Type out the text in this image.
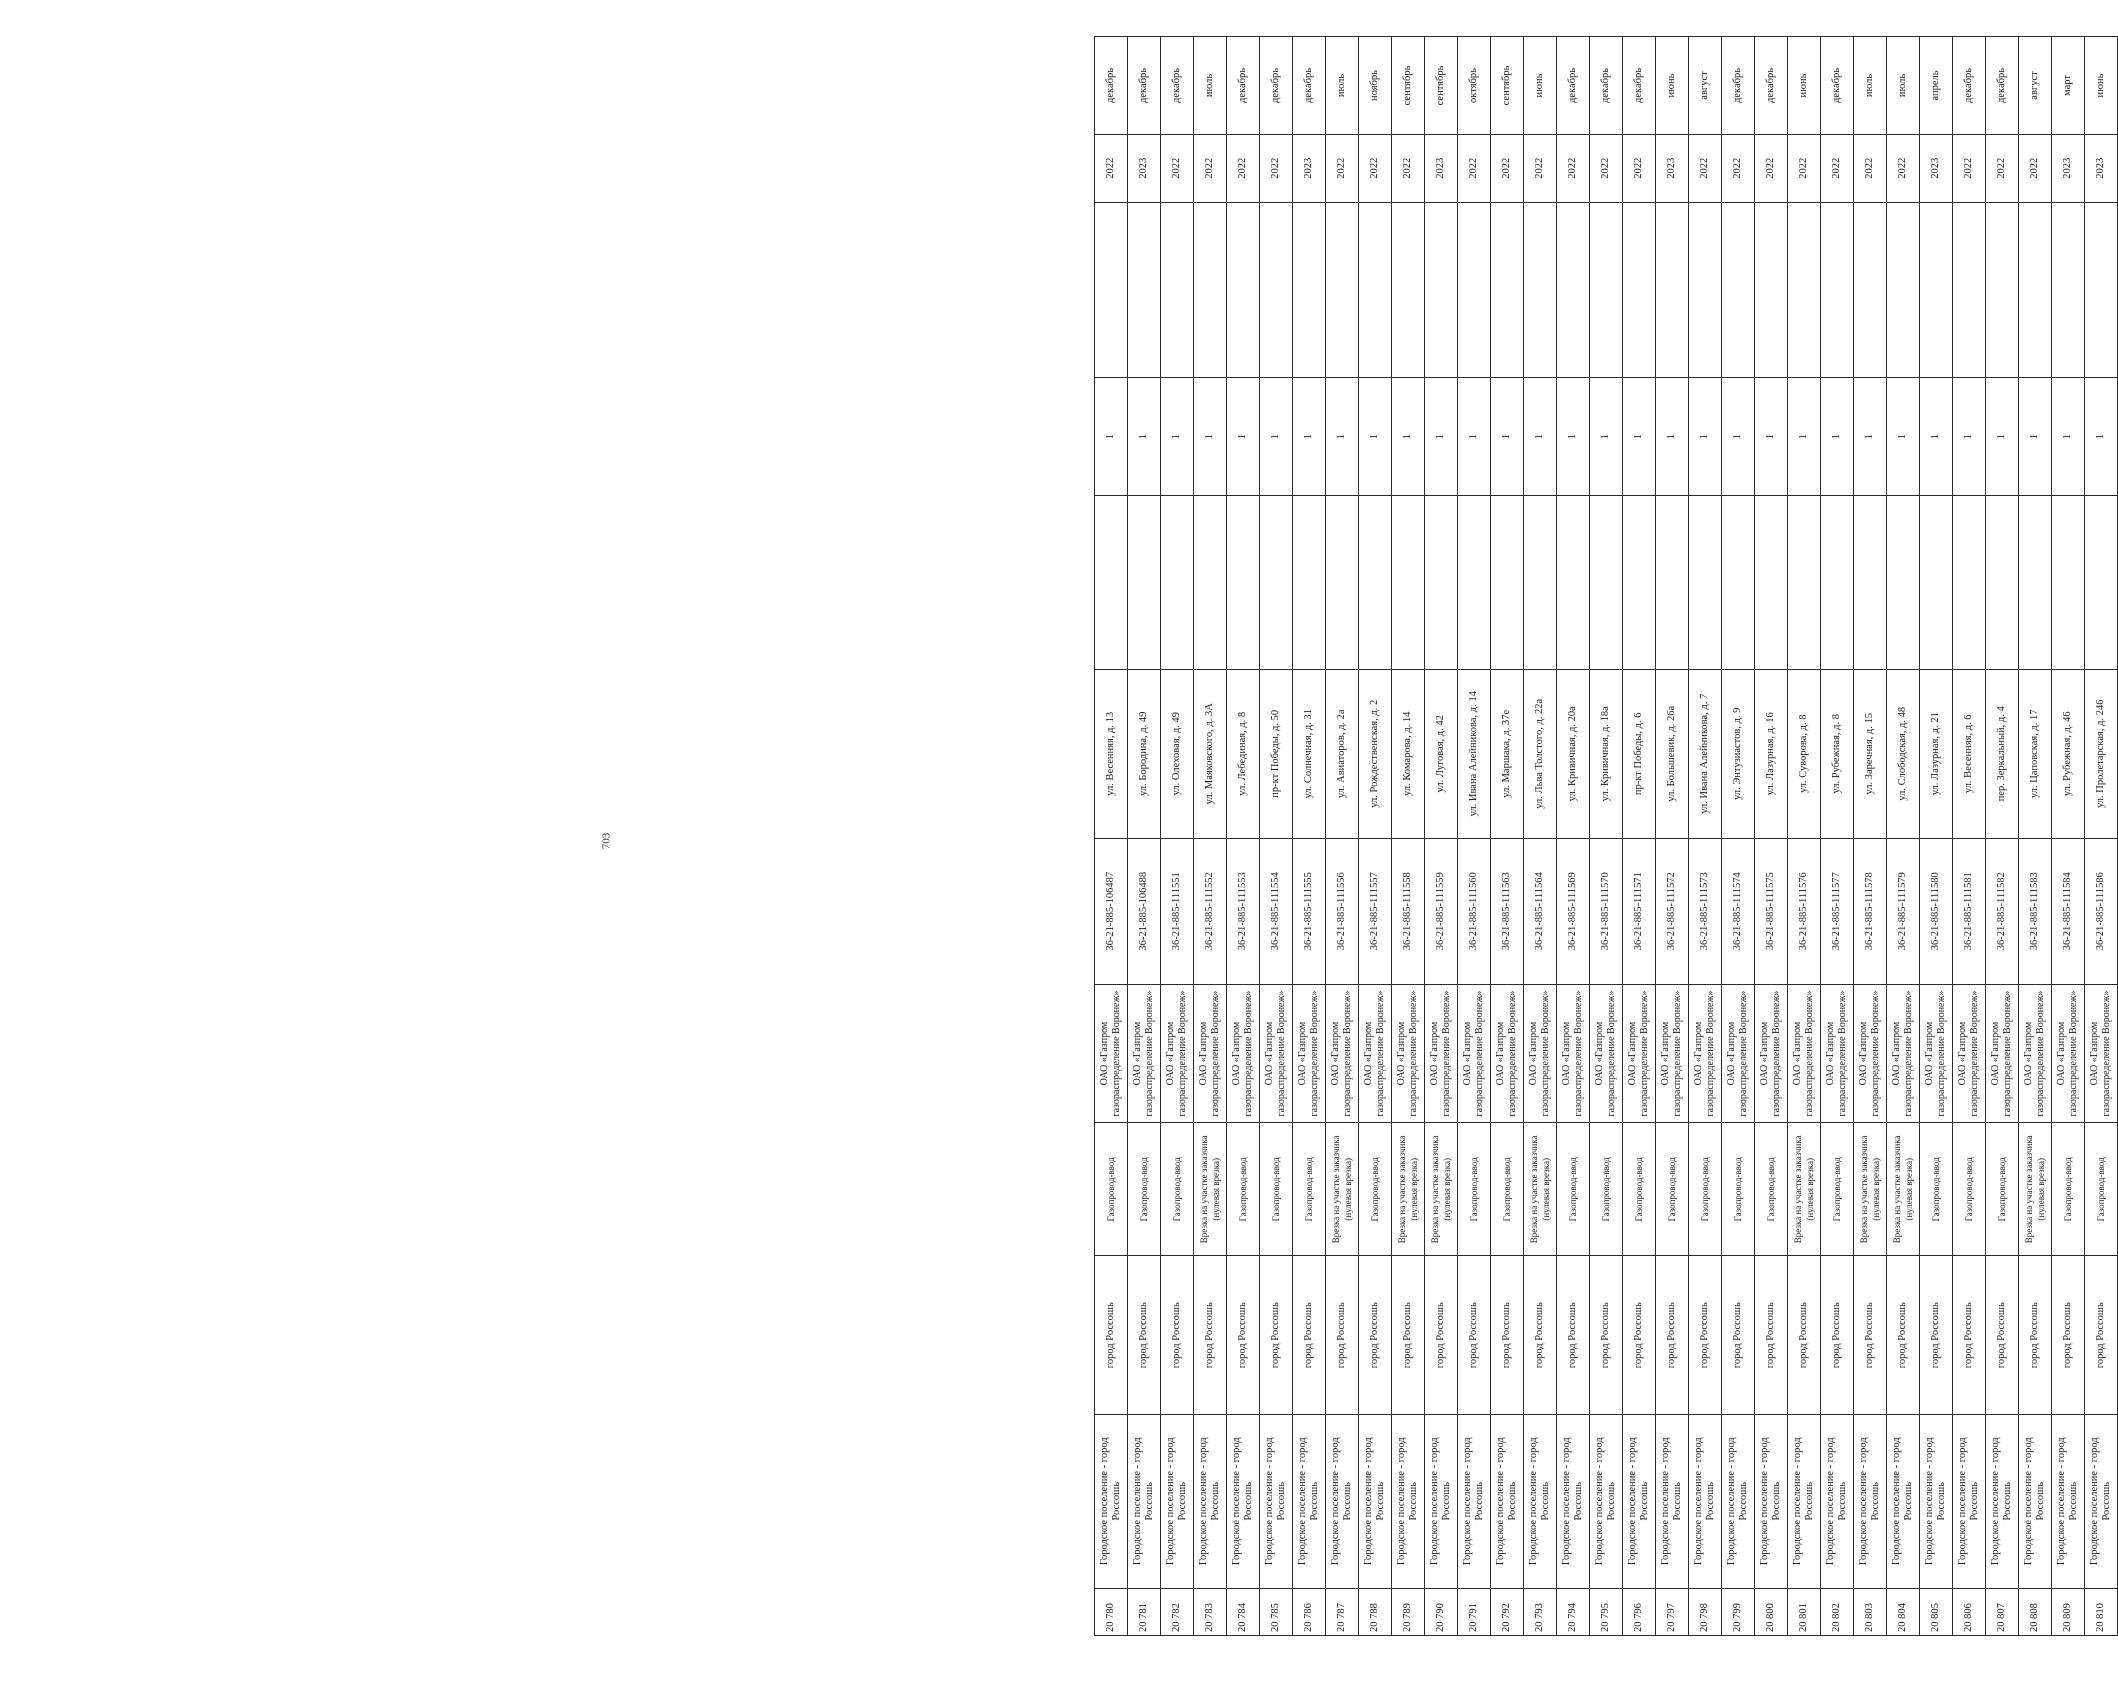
703
20 780	Городское поселение - город Россошь	город Россошь	Газопровод-ввод	ОАО «Газпром газораспределение Воронеж»	36-21-885-106487	ул. Весенняя, д. 13		1		2022	декабрь
20 781	Городское поселение - город Россошь	город Россошь	Газопровод-ввод	ОАО «Газпром газораспределение Воронеж»	36-21-885-106488	ул. Бородина, д. 49		1		2023	декабрь
20 782	Городское поселение - город Россошь	город Россошь	Газопровод-ввод	ОАО «Газпром газораспределение Воронеж»	36-21-885-111551	ул. Олеховая, д. 49		1		2022	декабрь
20 783	Городское поселение - город Россошь	город Россошь	Врезка на участке заказчика (нулевая врезка)	ОАО «Газпром газораспределение Воронеж»	36-21-885-111552	ул. Маяковского, д. 3А		1		2022	июль
20 784	Городское поселение - город Россошь	город Россошь	Газопровод-ввод	ОАО «Газпром газораспределение Воронеж»	36-21-885-111553	ул. Лебединая, д. 8		1		2022	декабрь
20 785	Городское поселение - город Россошь	город Россошь	Газопровод-ввод	ОАО «Газпром газораспределение Воронеж»	36-21-885-111554	пр-кт Победы, д. 50		1		2022	декабрь
20 786	Городское поселение - город Россошь	город Россошь	Газопровод-ввод	ОАО «Газпром газораспределение Воронеж»	36-21-885-111555	ул. Солнечная, д. 31		1		2023	декабрь
20 787	Городское поселение - город Россошь	город Россошь	Врезка на участке заказчика (нулевая врезка)	ОАО «Газпром газораспределение Воронеж»	36-21-885-111556	ул. Авиаторов, д. 2а		1		2022	июль
20 788	Городское поселение - город Россошь	город Россошь	Газопровод-ввод	ОАО «Газпром газораспределение Воронеж»	36-21-885-111557	ул. Рождественская, д. 2		1		2022	ноябрь
20 789	Городское поселение - город Россошь	город Россошь	Врезка на участке заказчика (нулевая врезка)	ОАО «Газпром газораспределение Воронеж»	36-21-885-111558	ул. Комарова, д. 14		1		2022	сентябрь
20 790	Городское поселение - город Россошь	город Россошь	Врезка на участке заказчика (нулевая врезка)	ОАО «Газпром газораспределение Воронеж»	36-21-885-111559	ул. Луговая, д. 42		1		2023	сентябрь
20 791	Городское поселение - город Россошь	город Россошь	Газопровод-ввод	ОАО «Газпром газораспределение Воронеж»	36-21-885-111560	ул. Ивана Алейникова, д. 14		1		2022	октябрь
20 792	Городское поселение - город Россошь	город Россошь	Газопровод-ввод	ОАО «Газпром газораспределение Воронеж»	36-21-885-111563	ул. Маршака, д. 37е		1		2022	сентябрь
20 793	Городское поселение - город Россошь	город Россошь	Врезка на участке заказчика (нулевая врезка)	ОАО «Газпром газораспределение Воронеж»	36-21-885-111564	ул. Льва Толстого, д. 22а		1		2022	июнь
20 794	Городское поселение - город Россошь	город Россошь	Газопровод-ввод	ОАО «Газпром газораспределение Воронеж»	36-21-885-111569	ул. Кривичная, д. 20а		1		2022	декабрь
20 795	Городское поселение - город Россошь	город Россошь	Газопровод-ввод	ОАО «Газпром газораспределение Воронеж»	36-21-885-111570	ул. Кривичная, д. 18а		1		2022	декабрь
20 796	Городское поселение - город Россошь	город Россошь	Газопровод-ввод	ОАО «Газпром газораспределение Воронеж»	36-21-885-111571	пр-кт Победы, д. 6		1		2022	декабрь
20 797	Городское поселение - город Россошь	город Россошь	Газопровод-ввод	ОАО «Газпром газораспределение Воронеж»	36-21-885-111572	ул. Большевик, д. 26а		1		2023	июнь
20 798	Городское поселение - город Россошь	город Россошь	Газопровод-ввод	ОАО «Газпром газораспределение Воронеж»	36-21-885-111573	ул. Ивана Алейникова, д. 7		1		2022	август
20 799	Городское поселение - город Россошь	город Россошь	Газопровод-ввод	ОАО «Газпром газораспределение Воронеж»	36-21-885-111574	ул. Энтузиастов, д. 9		1		2022	декабрь
20 800	Городское поселение - город Россошь	город Россошь	Газопровод-ввод	ОАО «Газпром газораспределение Воронеж»	36-21-885-111575	ул. Лазурная, д. 16		1		2022	декабрь
20 801	Городское поселение - город Россошь	город Россошь	Врезка на участке заказчика (нулевая врезка)	ОАО «Газпром газораспределение Воронеж»	36-21-885-111576	ул. Суворова, д. 8		1		2022	июнь
20 802	Городское поселение - город Россошь	город Россошь	Газопровод-ввод	ОАО «Газпром газораспределение Воронеж»	36-21-885-111577	ул. Рубежная, д. 8		1		2022	декабрь
20 803	Городское поселение - город Россошь	город Россошь	Врезка на участке заказчика (нулевая врезка)	ОАО «Газпром газораспределение Воронеж»	36-21-885-111578	ул. Заречная, д. 15		1		2022	июль
20 804	Городское поселение - город Россошь	город Россошь	Врезка на участке заказчика (нулевая врезка)	ОАО «Газпром газораспределение Воронеж»	36-21-885-111579	ул. Слободская, д. 48		1		2022	июль
20 805	Городское поселение - город Россошь	город Россошь	Газопровод-ввод	ОАО «Газпром газораспределение Воронеж»	36-21-885-111580	ул. Лазурная, д. 21		1		2023	апрель
20 806	Городское поселение - город Россошь	город Россошь	Газопровод-ввод	ОАО «Газпром газораспределение Воронеж»	36-21-885-111581	ул. Весенняя, д. 6		1		2022	декабрь
20 807	Городское поселение - город Россошь	город Россошь	Газопровод-ввод	ОАО «Газпром газораспределение Воронеж»	36-21-885-111582	пер. Зеркальный, д. 4		1		2022	декабрь
20 808	Городское поселение - город Россошь	город Россошь	Врезка на участке заказчика (нулевая врезка)	ОАО «Газпром газораспределение Воронеж»	36-21-885-111583	ул. Цаповская, д. 17		1		2022	август
20 809	Городское поселение - город Россошь	город Россошь	Газопровод-ввод	ОАО «Газпром газораспределение Воронеж»	36-21-885-111584	ул. Рубежная, д. 46		1		2023	март
20 810	Городское поселение - город Россошь	город Россошь	Газопровод-ввод	ОАО «Газпром газораспределение Воронеж»	36-21-885-111586	ул. Пролетарская, д. 246		1		2023	июнь
